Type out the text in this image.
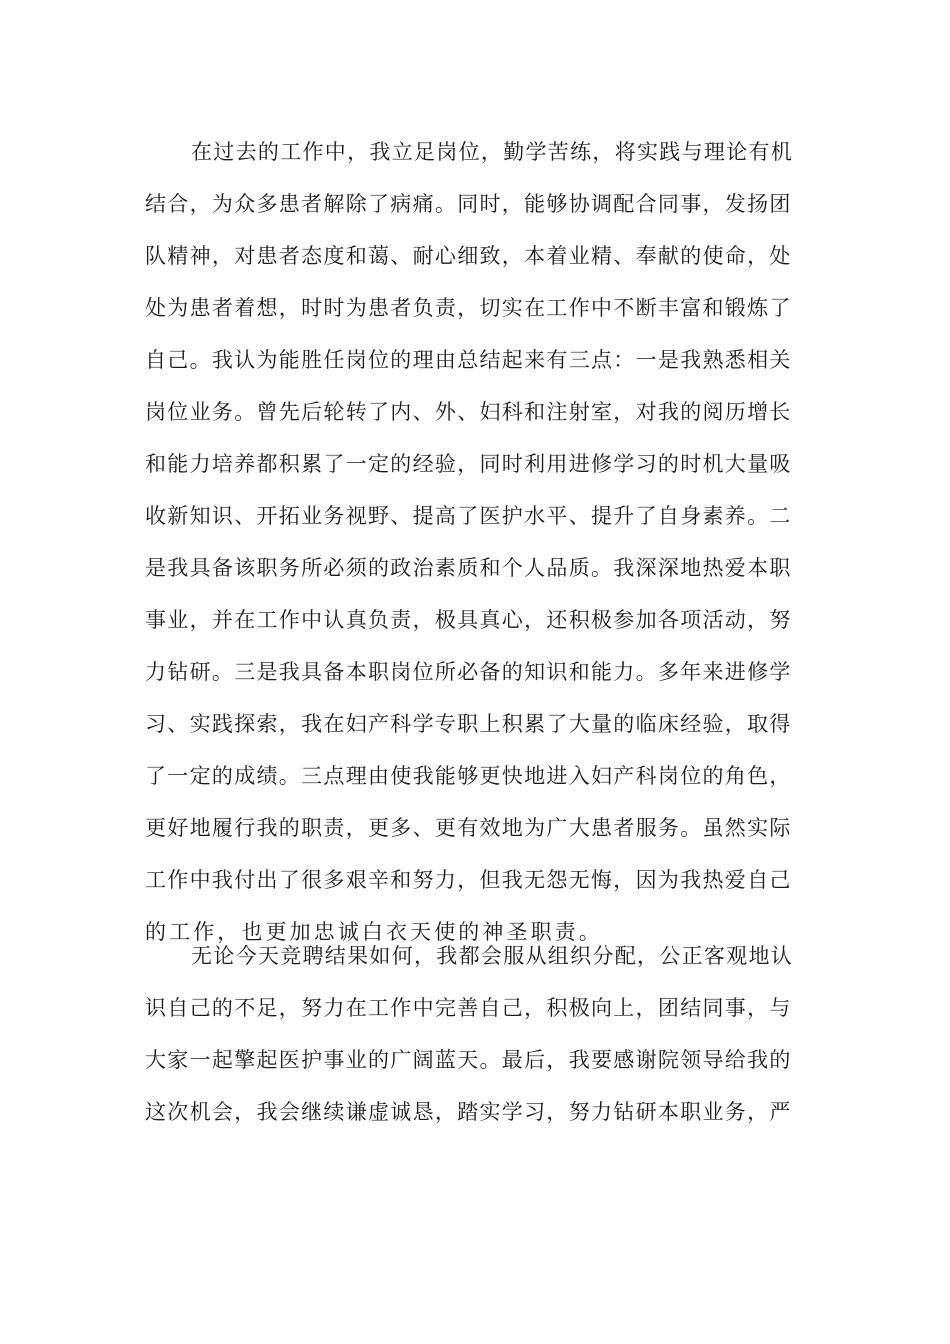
在过去的工作中，我立足岗位，勤学苦练，将实践与理论有机
结合，为众多患者解除了病痛。同时，能够协调配合同事，发扬团
队精神，对患者态度和蔼、耐心细致，本着业精、奉献的使命，处
处为患者着想，时时为患者负责，切实在工作中不断丰富和锻炼了
自己。我认为能胜任岗位的理由总结起来有三点：一是我熟悉相关
岗位业务。曾先后轮转了内、外、妇科和注射室，对我的阅历增长
和能力培养都积累了一定的经验，同时利用进修学习的时机大量吸
收新知识、开拓业务视野、提高了医护水平、提升了自身素养。二
是我具备该职务所必须的政治素质和个人品质。我深深地热爱本职
事业，并在工作中认真负责，极具真心，还积极参加各项活动，努
力钻研。三是我具备本职岗位所必备的知识和能力。多年来进修学
习、实践探索，我在妇产科学专职上积累了大量的临床经验，取得
了一定的成绩。三点理由使我能够更快地进入妇产科岗位的角色，
更好地履行我的职责，更多、更有效地为广大患者服务。虽然实际
工作中我付出了很多艰辛和努力，但我无怨无悔，因为我热爱自己
的工作，也更加忠诚白衣天使的神圣职责。
无论今天竞聘结果如何，我都会服从组织分配，公正客观地认
识自己的不足，努力在工作中完善自己，积极向上，团结同事，与
大家一起擎起医护事业的广阔蓝天。最后，我要感谢院领导给我的
这次机会，我会继续谦虚诚恳，踏实学习，努力钻研本职业务，严
